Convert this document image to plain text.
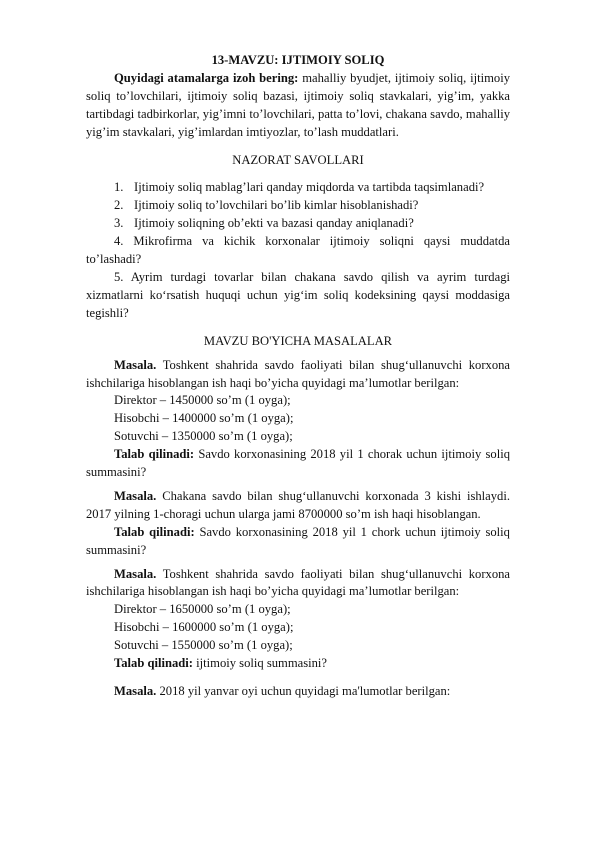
13-MAVZU: IJTIMOIY SOLIQ

Quyidagi atamalarga izoh bering: mahalliy byudjet, ijtimoiy soliq, ijtimoiy soliq to’lovchilari, ijtimoiy soliq bazasi, ijtimoiy soliq stavkalari, yig’im, yakka tartibdagi tadbirkorlar, yig’imni to’lovchilari, patta to’lovi, chakana savdo, mahalliy yig’im stavkalari, yig’imlardan imtiyozlar, to’lash muddatlari.

NAZORAT SAVOLLARI

1. Ijtimoiy soliq mablag’lari qanday miqdorda va tartibda taqsimlanadi?
2. Ijtimoiy soliq to’lovchilari bo’lib kimlar hisoblanishadi?
3. Ijtimoiy soliqning ob’ekti va bazasi qanday aniqlanadi?

4. Mikrofirma va kichik korxonalar ijtimoiy soliqni qaysi muddatda to’lashadi?

5. Ayrim turdagi tovarlar bilan chakana savdo qilish va ayrim turdagi xizmatlarni ko‘rsatish huquqi uchun yig‘im soliq kodeksining qaysi moddasiga tegishli?

MAVZU BO'YICHA MASALALAR

Masala. Toshkent shahrida savdo faoliyati bilan shug‘ullanuvchi korxona ishchilariga hisoblangan ish haqi bo’yicha quyidagi ma’lumotlar berilgan:

Direktor – 1450000 so’m (1 oyga);

Hisobchi – 1400000 so’m (1 oyga);

Sotuvchi – 1350000 so’m (1 oyga);

Talab qilinadi: Savdo korxonasining 2018 yil 1 chorak uchun ijtimoiy soliq summasini?

Masala. Chakana savdo bilan shug‘ullanuvchi korxonada 3 kishi ishlaydi. 2017 yilning 1-choragi uchun ularga jami 8700000 so’m ish haqi hisoblangan.

Talab qilinadi: Savdo korxonasining 2018 yil 1 chork uchun ijtimoiy soliq summasini?

Masala. Toshkent shahrida savdo faoliyati bilan shug‘ullanuvchi korxona ishchilariga hisoblangan ish haqi bo’yicha quyidagi ma’lumotlar berilgan:

Direktor – 1650000 so’m (1 oyga);

Hisobchi – 1600000 so’m (1 oyga);

Sotuvchi – 1550000 so’m (1 oyga);

Talab qilinadi: ijtimoiy soliq summasini?

Masala. 2018 yil yanvar oyi uchun quyidagi ma'lumotlar berilgan:
